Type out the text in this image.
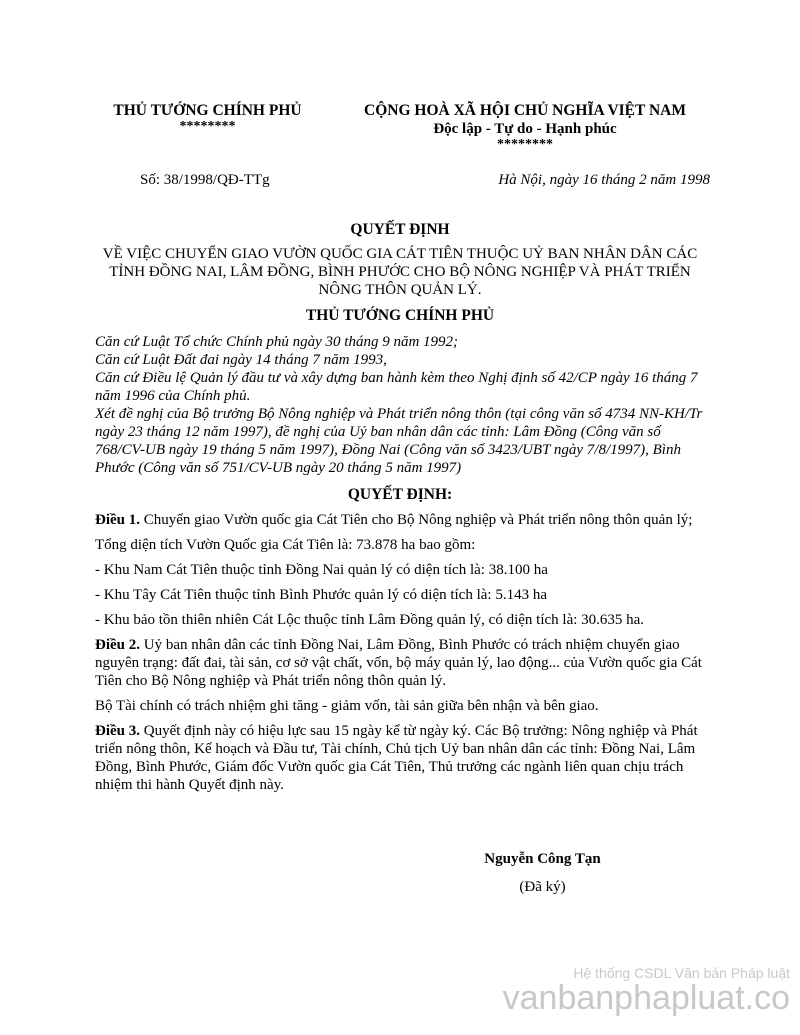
THỦ TƯỚNG CHÍNH PHỦ
********
CỘNG HOÀ XÃ HỘI CHỦ NGHĨA VIỆT NAM
Độc lập - Tự do - Hạnh phúc
********
Số: 38/1998/QĐ-TTg	Hà Nội, ngày 16 tháng 2 năm 1998
QUYẾT ĐỊNH
VỀ VIỆC CHUYỂN GIAO VƯỜN QUỐC GIA CÁT TIÊN THUỘC UỶ BAN NHÂN DÂN CÁC TỈNH ĐỒNG NAI, LÂM ĐỒNG, BÌNH PHƯỚC CHO BỘ NÔNG NGHIỆP VÀ PHÁT TRIỂN NÔNG THÔN QUẢN LÝ.
THỦ TƯỚNG CHÍNH PHỦ

Căn cứ Luật Tổ chức Chính phủ ngày 30 tháng 9 năm 1992;

Căn cứ Luật Đất đai ngày 14 tháng 7 năm 1993,

Căn cứ Điều lệ Quản lý đầu tư và xây dựng ban hành kèm theo Nghị định số 42/CP ngày 16 tháng 7 năm 1996 của Chính phủ.

Xét đề nghị của Bộ trưởng Bộ Nông nghiệp và Phát triển nông thôn (tại công văn số 4734 NN-KH/Tr ngày 23 tháng 12 năm 1997), đề nghị của Uỷ ban nhân dân các tỉnh: Lâm Đồng (Công văn số 768/CV-UB ngày 19 tháng 5 năm 1997), Đồng Nai (Công văn số 3423/UBT ngày 7/8/1997), Bình Phước (Công văn số 751/CV-UB ngày 20 tháng 5 năm 1997)

QUYẾT ĐỊNH:

Điều 1. Chuyển giao Vườn quốc gia Cát Tiên cho Bộ Nông nghiệp và Phát triển nông thôn quản lý;

Tổng diện tích Vườn Quốc gia Cát Tiên là: 73.878 ha bao gồm:

- Khu Nam Cát Tiên thuộc tỉnh Đồng Nai quản lý có diện tích là: 38.100 ha

- Khu Tây Cát Tiên thuộc tỉnh Bình Phước quản lý có diện tích là: 5.143 ha

- Khu bảo tồn thiên nhiên Cát Lộc thuộc tỉnh Lâm Đồng quản lý, có diện tích là: 30.635 ha.

Điều 2. Uỷ ban nhân dân các tỉnh Đồng Nai, Lâm Đồng, Bình Phước có trách nhiệm chuyển giao nguyên trạng: đất đai, tài sản, cơ sở vật chất, vốn, bộ máy quản lý, lao động... của Vườn quốc gia Cát Tiên cho Bộ Nông nghiệp và Phát triển nông thôn quản lý.

Bộ Tài chính có trách nhiệm ghi tăng - giảm vốn, tài sản giữa bên nhận và bên giao.

Điều 3. Quyết định này có hiệu lực sau 15 ngày kể từ ngày ký. Các Bộ trưởng: Nông nghiệp và Phát triển nông thôn, Kế hoạch và Đầu tư, Tài chính, Chủ tịch Uỷ ban nhân dân các tỉnh: Đồng Nai, Lâm Đồng, Bình Phước, Giám đốc Vườn quốc gia Cát Tiên, Thủ trưởng các ngành liên quan chịu trách nhiệm thi hành Quyết định này.

Nguyễn Công Tạn
(Đã ký)
Hệ thống CSDL Văn bản Pháp luật
vanbanphapluat.co
